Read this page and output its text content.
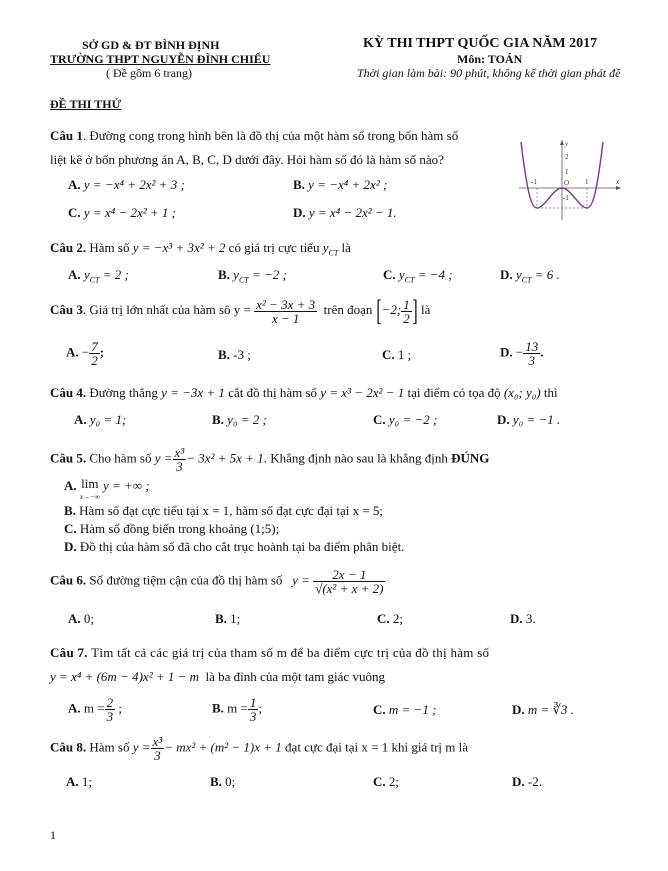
SỞ GD & ĐT BÌNH ĐỊNH
TRƯỜNG THPT NGUYỄN ĐÌNH CHIỂU
( Đề gồm 6 trang)
KỲ THI THPT QUỐC GIA NĂM 2017
Môn: TOÁN
Thời gian làm bài: 90 phút, không kể thời gian phát đề
ĐỀ THI THỬ
Câu 1. Đường cong trong hình bên là đồ thị của một hàm số trong bốn hàm số
liệt kê ở bốn phương án A, B, C, D dưới đây. Hỏi hàm số đó là hàm số nào?
A. y = −x⁴ + 2x² + 3 ;	B. y = −x⁴ + 2x² ;
C. y = x⁴ − 2x² + 1 ;	D. y = x⁴ − 2x² − 1.
y
x
2
1
-1	O 1
-1
Câu 2. Hàm số y = −x³ + 3x² + 2 có giá trị cực tiểu $y_{CT}$ là
A. $y_{CT} = 2$ ;	B. $y_{CT} = -2$ ;	C. $y_{CT} = -4$ ;	D. $y_{CT} = 6$ .
Câu 3. Giá trị lớn nhất của hàm sô $y = \frac{\text{x² − 3x + 3}}{x - 1}$ trên đoạn [−2; $\frac{1}{2}$ ] là
A. − $\frac{7}{2}$ ;	B. -3 ;	C. 1 ;	D. − $\frac{13}{3}$ .
Câu 4. Đường thẳng y = −3x + 1 cắt đồ thị hàm số y = x³ − 2x² − 1 tại điểm có tọa độ (x₀; y₀) thì
A. y₀ = 1;	B. y₀ = 2 ;	C. y₀ = −2 ;	D. y₀ = −1 .
Câu 5. Cho hàm số $y = \frac{\text{x³}}{3} - 3x^2 + 5x + 1$. Khẳng định nào sau là khẳng định ĐÚNG
A. lim
x→−∞ y = +∞ ;
B. Hàm số đạt cực tiểu tại x = 1, hàm số đạt cực đại tại x = 5;
C. Hàm số đồng biến trong khoảng (1;5);
D. Đồ thị của hàm số đã cho cắt trục hoành tại ba điểm phân biệt.
Câu 6. Số đường tiệm cận của đồ thị hàm số $y = \frac{2x - 1}{\text{√(x² + x + 2)}}$
A. 0;	B. 1;	C. 2;	D. 3.
Câu 7. Tìm tất cả các giá trị của tham số m để ba điểm cực trị của đồ thị hàm số
y = x⁴ + (6m − 4)x² + 1 − m là ba đỉnh của một tam giác vuông
A. $m = \frac{2}{3}$ ;	B. $m = \frac{1}{3}$ ;	C. m = −1 ;	D. m = ∛3 .
Câu 8. Hàm số $y = \frac{\text{x³}}{3} - mx^2 + (m^2 - 1)x + 1$ đạt cực đại tại x = 1 khi giá trị m là
A. 1;	B. 0;	C. 2;	D. -2.
1
